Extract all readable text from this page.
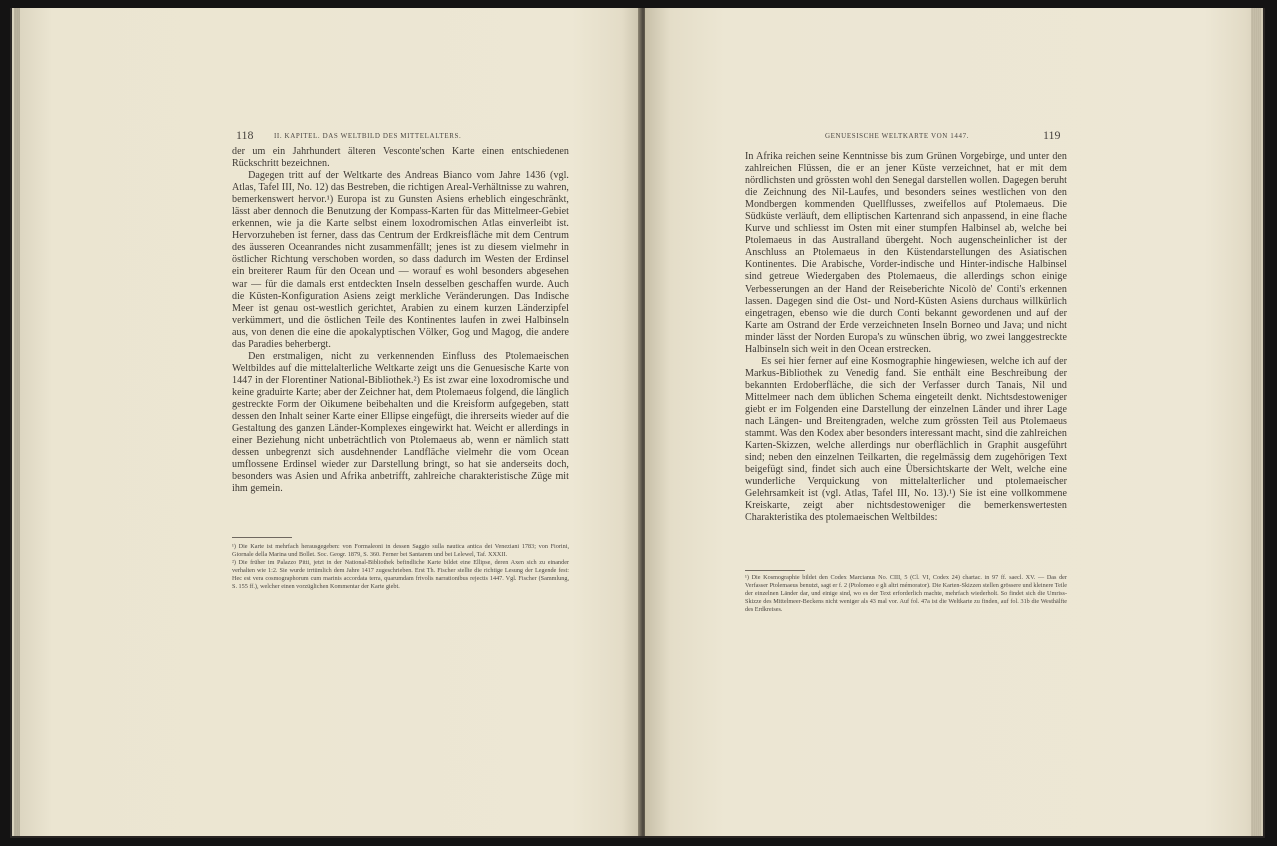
118	II. KAPITEL. DAS WELTBILD DES MITTELALTERS.

der um ein Jahrhundert älteren Vesconte'schen Karte einen entschiedenen Rückschritt bezeichnen.

Dagegen tritt auf der Weltkarte des Andreas Bianco vom Jahre 1436 (vgl. Atlas, Tafel III, No. 12) das Bestreben, die richtigen Areal-Verhältnisse zu wahren, bemerkenswert hervor.¹) Europa ist zu Gunsten Asiens erheblich eingeschränkt, lässt aber dennoch die Benutzung der Kompass-Karten für das Mittelmeer-Gebiet erkennen, wie ja die Karte selbst einem loxodromischen Atlas einverleibt ist. Hervorzuheben ist ferner, dass das Centrum der Erdkreisfläche mit dem Centrum des äusseren Oceanrandes nicht zusammenfällt; jenes ist zu diesem vielmehr in östlicher Richtung verschoben worden, so dass dadurch im Westen der Erdinsel ein breiterer Raum für den Ocean und — worauf es wohl besonders abgesehen war — für die damals erst entdeckten Inseln desselben geschaffen wurde. Auch die Küsten-Konfiguration Asiens zeigt merkliche Veränderungen. Das Indische Meer ist genau ost-westlich gerichtet, Arabien zu einem kurzen Länderzipfel verkümmert, und die östlichen Teile des Kontinentes laufen in zwei Halbinseln aus, von denen die eine die apokalyptischen Völker, Gog und Magog, die andere das Paradies beherbergt.

Den erstmaligen, nicht zu verkennenden Einfluss des Ptolemaeischen Weltbildes auf die mittelalterliche Weltkarte zeigt uns die Genuesische Karte von 1447 in der Florentiner National-Bibliothek.²) Es ist zwar eine loxodromische und keine graduirte Karte; aber der Zeichner hat, dem Ptolemaeus folgend, die länglich gestreckte Form der Oikumene beibehalten und die Kreisform aufgegeben, statt dessen den Inhalt seiner Karte einer Ellipse eingefügt, die ihrerseits wieder auf die Gestaltung des ganzen Länder-Komplexes eingewirkt hat. Weicht er allerdings in einer Beziehung nicht unbeträchtlich von Ptolemaeus ab, wenn er nämlich statt dessen unbegrenzt sich ausdehnender Landfläche vielmehr die vom Ocean umflossene Erdinsel wieder zur Darstellung bringt, so hat sie anderseits doch, besonders was Asien und Afrika anbetrifft, zahlreiche charakteristische Züge mit ihm gemein.

¹) Die Karte ist mehrfach herausgegeben: von Formaleoni in dessen Saggio sulla nautica antica dei Veneziani 1783; von Fiorini, Giornale della Marina und Bollet. Soc. Geogr. 1879, S. 360. Ferner bei Santarem und bei Lelewel, Taf. XXXII.

²) Die früher im Palazzo Pitti, jetzt in der National-Bibliothek befindliche Karte bildet eine Ellipse, deren Axen sich zu einander verhalten wie 1:2. Sie wurde irrtümlich dem Jahre 1417 zugeschrieben. Erst Th. Fischer stellte die richtige Lesung der Legende fest: Hec est vera cosmographorum cum marinis accordata terra, quarumdam frivolis narrationibus rejectis 1447. Vgl. Fischer (Sammlung, S. 155 ff.), welcher einen vorzüglichen Kommentar der Karte giebt.

GENUESISCHE WELTKARTE VON 1447.	119

In Afrika reichen seine Kenntnisse bis zum Grünen Vorgebirge, und unter den zahlreichen Flüssen, die er an jener Küste verzeichnet, hat er mit dem nördlichsten und grössten wohl den Senegal darstellen wollen. Dagegen beruht die Zeichnung des Nil-Laufes, und besonders seines westlichen von den Mondbergen kommenden Quellflusses, zweifellos auf Ptolemaeus. Die Südküste verläuft, dem elliptischen Kartenrand sich anpassend, in eine flache Kurve und schliesst im Osten mit einer stumpfen Halbinsel ab, welche bei Ptolemaeus in das Australland übergeht. Noch augenscheinlicher ist der Anschluss an Ptolemaeus in den Küstendarstellungen des Asiatischen Kontinentes. Die Arabische, Vorder-indische und Hinter-indische Halbinsel sind getreue Wiedergaben des Ptolemaeus, die allerdings schon einige Verbesserungen an der Hand der Reiseberichte Nicolò de' Conti's erkennen lassen. Dagegen sind die Ost- und Nord-Küsten Asiens durchaus willkürlich eingetragen, ebenso wie die durch Conti bekannt gewordenen und auf der Karte am Ostrand der Erde verzeichneten Inseln Borneo und Java; und nicht minder lässt der Norden Europa's zu wünschen übrig, wo zwei langgestreckte Halbinseln sich weit in den Ocean erstrecken.

Es sei hier ferner auf eine Kosmographie hingewiesen, welche ich auf der Markus-Bibliothek zu Venedig fand. Sie enthält eine Beschreibung der bekannten Erdoberfläche, die sich der Verfasser durch Tanais, Nil und Mittelmeer nach dem üblichen Schema eingeteilt denkt. Nichtsdestoweniger giebt er im Folgenden eine Darstellung der einzelnen Länder und ihrer Lage nach Längen- und Breitengraden, welche zum grössten Teil aus Ptolemaeus stammt. Was den Kodex aber besonders interessant macht, sind die zahlreichen Karten-Skizzen, welche allerdings nur oberflächlich in Graphit ausgeführt sind; neben den einzelnen Teilkarten, die regelmässig dem zugehörigen Text beigefügt sind, findet sich auch eine Übersichtskarte der Welt, welche eine wunderliche Verquickung von mittelalterlicher und ptolemaeischer Gelehrsamkeit ist (vgl. Atlas, Tafel III, No. 13).¹) Sie ist eine vollkommene Kreiskarte, zeigt aber nichtsdestoweniger die bemerkenswertesten Charakteristika des ptolemaeischen Weltbildes:

¹) Die Kosmographie bildet den Codex Marcianus No. CIII, 5 (Cl. VI, Codex 24) chartac. in 97 ff. saecl. XV. — Das der Verfasser Ptolemaeus benutzt, sagt er f. 2 (Ptolomeo e gli altri mémorator). Die Karten-Skizzen stellen grössere und kleinere Teile der einzelnen Länder dar, und einige sind, wo es der Text erforderlich machte, mehrfach wiederholt. So findet sich die Umriss-Skizze des Mittelmeer-Beckens nicht weniger als 43 mal vor. Auf fol. 47a ist die Weltkarte zu finden, auf fol. 31b die Westhälfte des Erdkreises.
